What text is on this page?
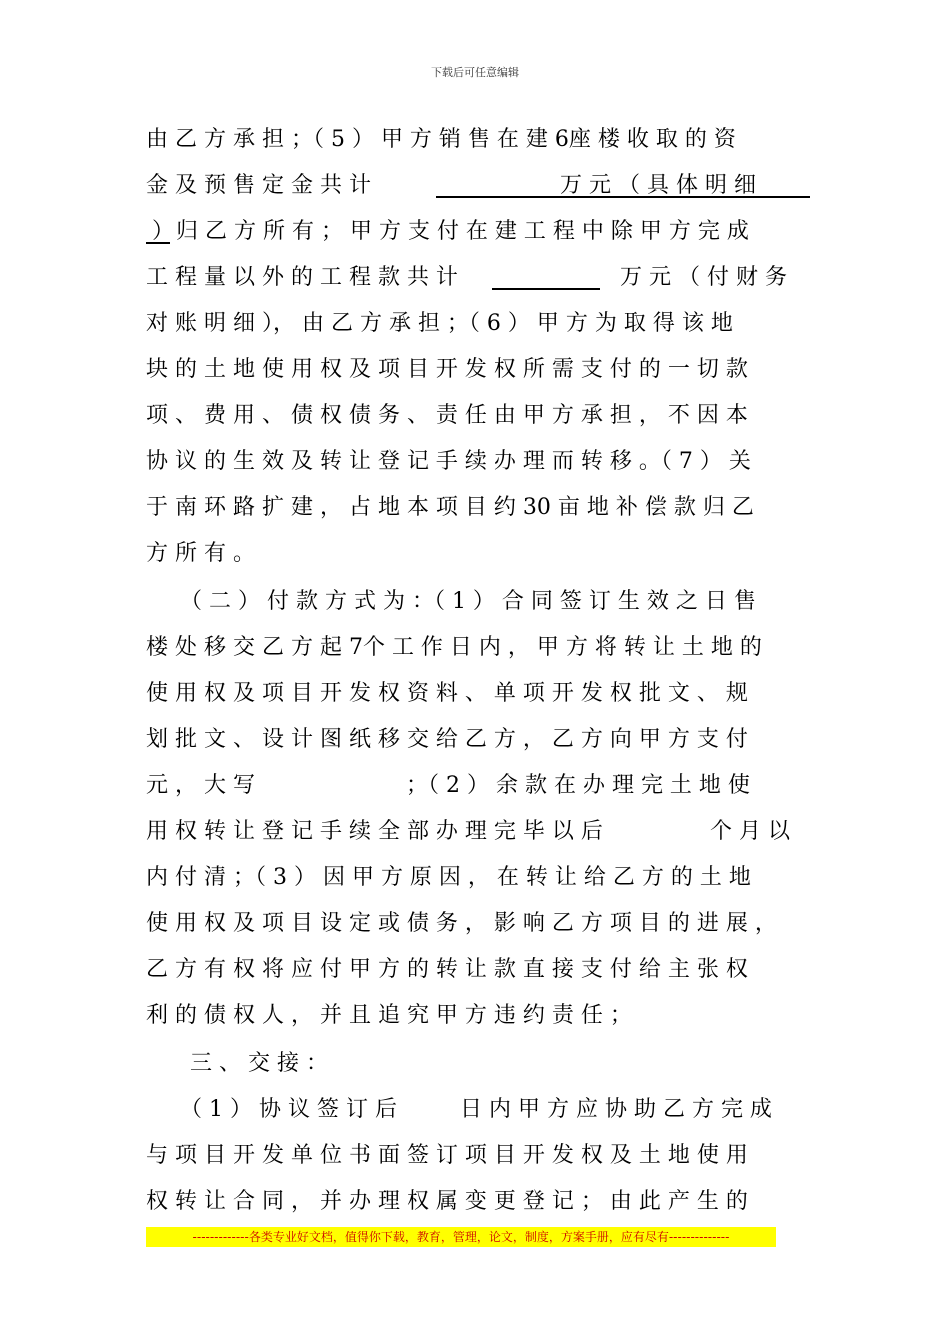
下载后可任意编辑
由 乙 方 承 担 ；（ 5 ） 甲 方 销 售 在 建 6座 楼 收 取 的 资
金 及 预 售 定 金 共 计	万 元 （ 具 体 明 细
） 归 乙 方 所 有 ； 甲 方 支 付 在 建 工 程 中 除 甲 方 完 成
工 程 量 以 外 的 工 程 款 共 计	万 元 （ 付 财 务
对 账 明 细 ）， 由 乙 方 承 担 ；（ 6 ） 甲 方 为 取 得 该 地
块 的 土 地 使 用 权 及 项 目 开 发 权 所 需 支 付 的 一 切 款
项 、 费 用 、 债 权 债 务 、 责 任 由 甲 方 承 担 ， 不 因 本
协 议 的 生 效 及 转 让 登 记 手 续 办 理 而 转 移 。（ 7 ） 关
于 南 环 路 扩 建 ， 占 地 本 项 目 约 30 亩 地 补 偿 款 归 乙
方 所 有 。
（ 二 ） 付 款 方 式 为 ：（ 1 ） 合 同 签 订 生 效 之 日 售
楼 处 移 交 乙 方 起 7个 工 作 日 内 ， 甲 方 将 转 让 土 地 的
使 用 权 及 项 目 开 发 权 资 料 、 单 项 开 发 权 批 文 、 规
划 批 文 、 设 计 图 纸 移 交 给 乙 方 ， 乙 方 向 甲 方 支 付
元 ， 大 写	；（ 2 ） 余 款 在 办 理 完 土 地 使
用 权 转 让 登 记 手 续 全 部 办 理 完 毕 以 后	个 月 以
内 付 清 ；（ 3 ） 因 甲 方 原 因 ， 在 转 让 给 乙 方 的 土 地
使 用 权 及 项 目 设 定 或 债 务 ， 影 响 乙 方 项 目 的 进 展 ，
乙 方 有 权 将 应 付 甲 方 的 转 让 款 直 接 支 付 给 主 张 权
利 的 债 权 人 ， 并 且 追 究 甲 方 违 约 责 任 ；
三 、 交 接 ：
（ 1 ） 协 议 签 订 后	日 内 甲 方 应 协 助 乙 方 完 成
与 项 目 开 发 单 位 书 面 签 订 项 目 开 发 权 及 土 地 使 用
权 转 让 合 同 ， 并 办 理 权 属 变 更 登 记 ； 由 此 产 生 的
-------------各类专业好文档，值得你下载，教育，管理，论文，制度，方案手册，应有尽有--------------
